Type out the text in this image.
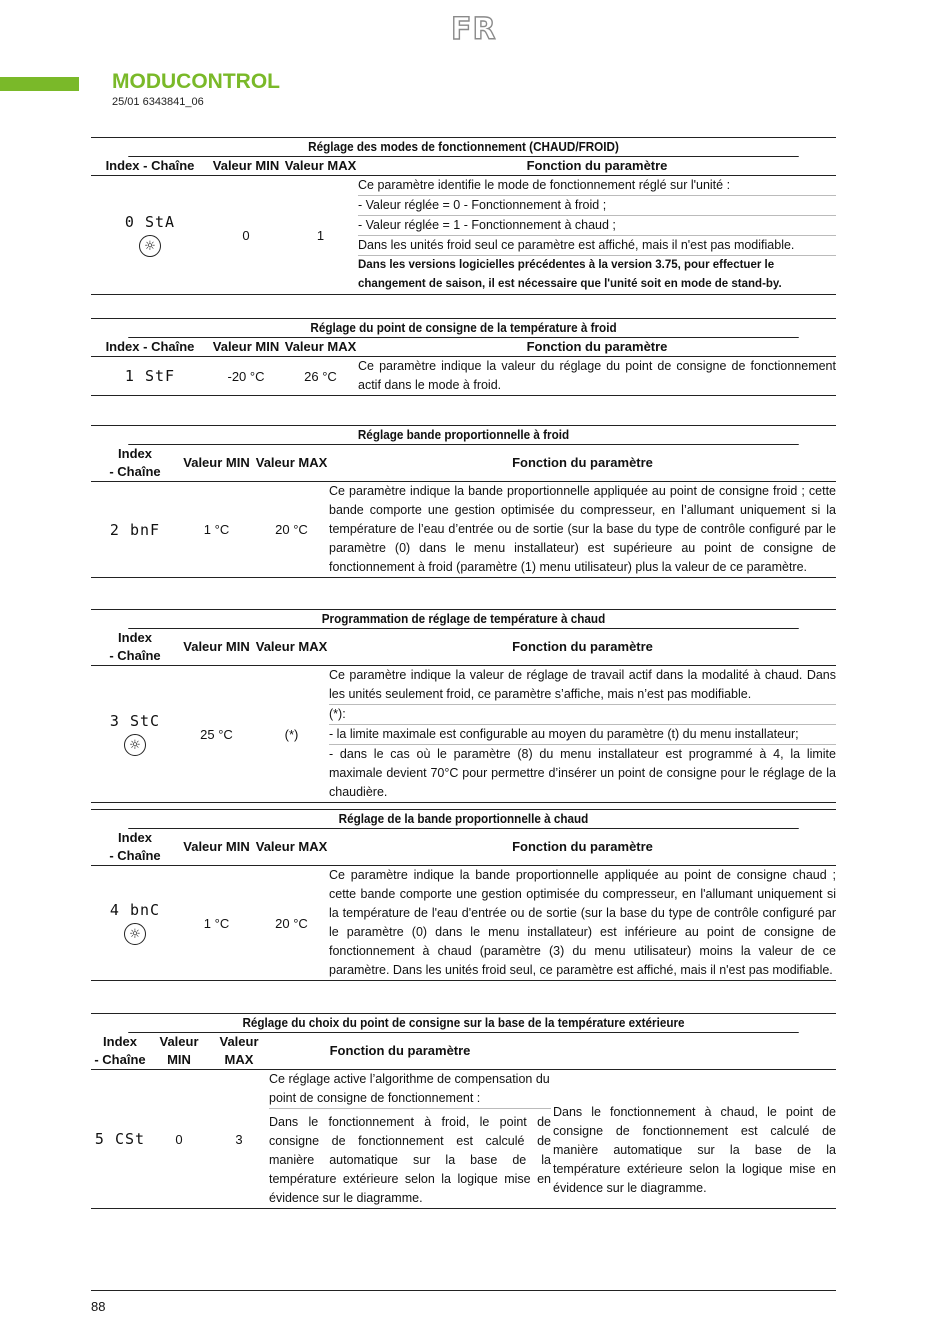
FR
MODUCONTROL
25/01 6343841_06
Réglage des modes de fonctionnement (CHAUD/FROID)
Index - Chaîne	Valeur MIN Valeur MAX	Fonction du paramètre
0 StA
☼
0	1
Ce paramètre identifie le mode de fonctionnement réglé sur l'unité :
- Valeur réglée = 0 - Fonctionnement à froid ;
- Valeur réglée = 1 - Fonctionnement à chaud ;
Dans les unités froid seul ce paramètre est affiché, mais il n'est pas modifiable.
Dans les versions logicielles précédentes à la version 3.75, pour effectuer le changement de saison, il est nécessaire que l'unité soit en mode de stand-by.
Réglage du point de consigne de la température à froid
Index - Chaîne	Valeur MIN Valeur MAX	Fonction du paramètre
1 StF	-20 °C	26 °C
Ce paramètre indique la valeur du réglage du point de consigne de fonctionnement actif dans le mode à froid.
Réglage bande proportionnelle à froid
Index
- Chaîne
Valeur MIN Valeur MAX	Fonction du paramètre
2 bnF	1 °C	20 °C
Ce paramètre indique la bande proportionnelle appliquée au point de consigne froid ; cette bande comporte une gestion optimisée du compresseur, en l’allumant uniquement si la température de l’eau d’entrée ou de sortie (sur la base du type de contrôle configuré par le paramètre (0) dans le menu installateur) est supérieure au point de consigne de fonctionnement à froid (paramètre (1) menu utilisateur) plus la valeur de ce paramètre.
Programmation de réglage de température à chaud
Index
- Chaîne
Valeur MIN Valeur MAX	Fonction du paramètre
3 StC
☼
25 °C	(*)
Ce paramètre indique la valeur de réglage de travail actif dans la modalité à chaud. Dans les unités seulement froid, ce paramètre s’affiche, mais n’est pas modifiable.
(*):
- la limite maximale est configurable au moyen du paramètre (t) du menu installateur;
- dans le cas où le paramètre (8) du menu installateur est programmé à 4, la limite maximale devient 70°C pour permettre d’insérer un point de consigne pour le réglage de la chaudière.
Réglage de la bande proportionnelle à chaud
Index
- Chaîne
Valeur MIN Valeur MAX	Fonction du paramètre
4 bnC
☼
1 °C	20 °C
Ce paramètre indique la bande proportionnelle appliquée au point de consigne chaud ; cette bande comporte une gestion optimisée du compresseur, en l'allumant uniquement si la température de l'eau d'entrée ou de sortie (sur la base du type de contrôle configuré par le paramètre (0) dans le menu installateur) est inférieure au point de consigne de fonctionnement à chaud (paramètre (3) du menu utilisateur) moins la valeur de ce paramètre. Dans les unités froid seul, ce paramètre est affiché, mais il n'est pas modifiable.
Réglage du choix du point de consigne sur la base de la température extérieure
Index
- Chaîne
Valeur
MIN
Valeur
MAX
Fonction du paramètre
5 CSt	0	3
Ce réglage active l’algorithme de compensation du point de consigne de fonctionnement :
Dans le fonctionnement à froid, le point de consigne de fonctionnement est calculé de manière automatique sur la base de la température extérieure selon la logique mise en évidence sur le diagramme.
Dans le fonctionnement à chaud, le point de consigne de fonctionnement est calculé de manière automatique sur la base de la température extérieure selon la logique mise en évidence sur le diagramme.
88
